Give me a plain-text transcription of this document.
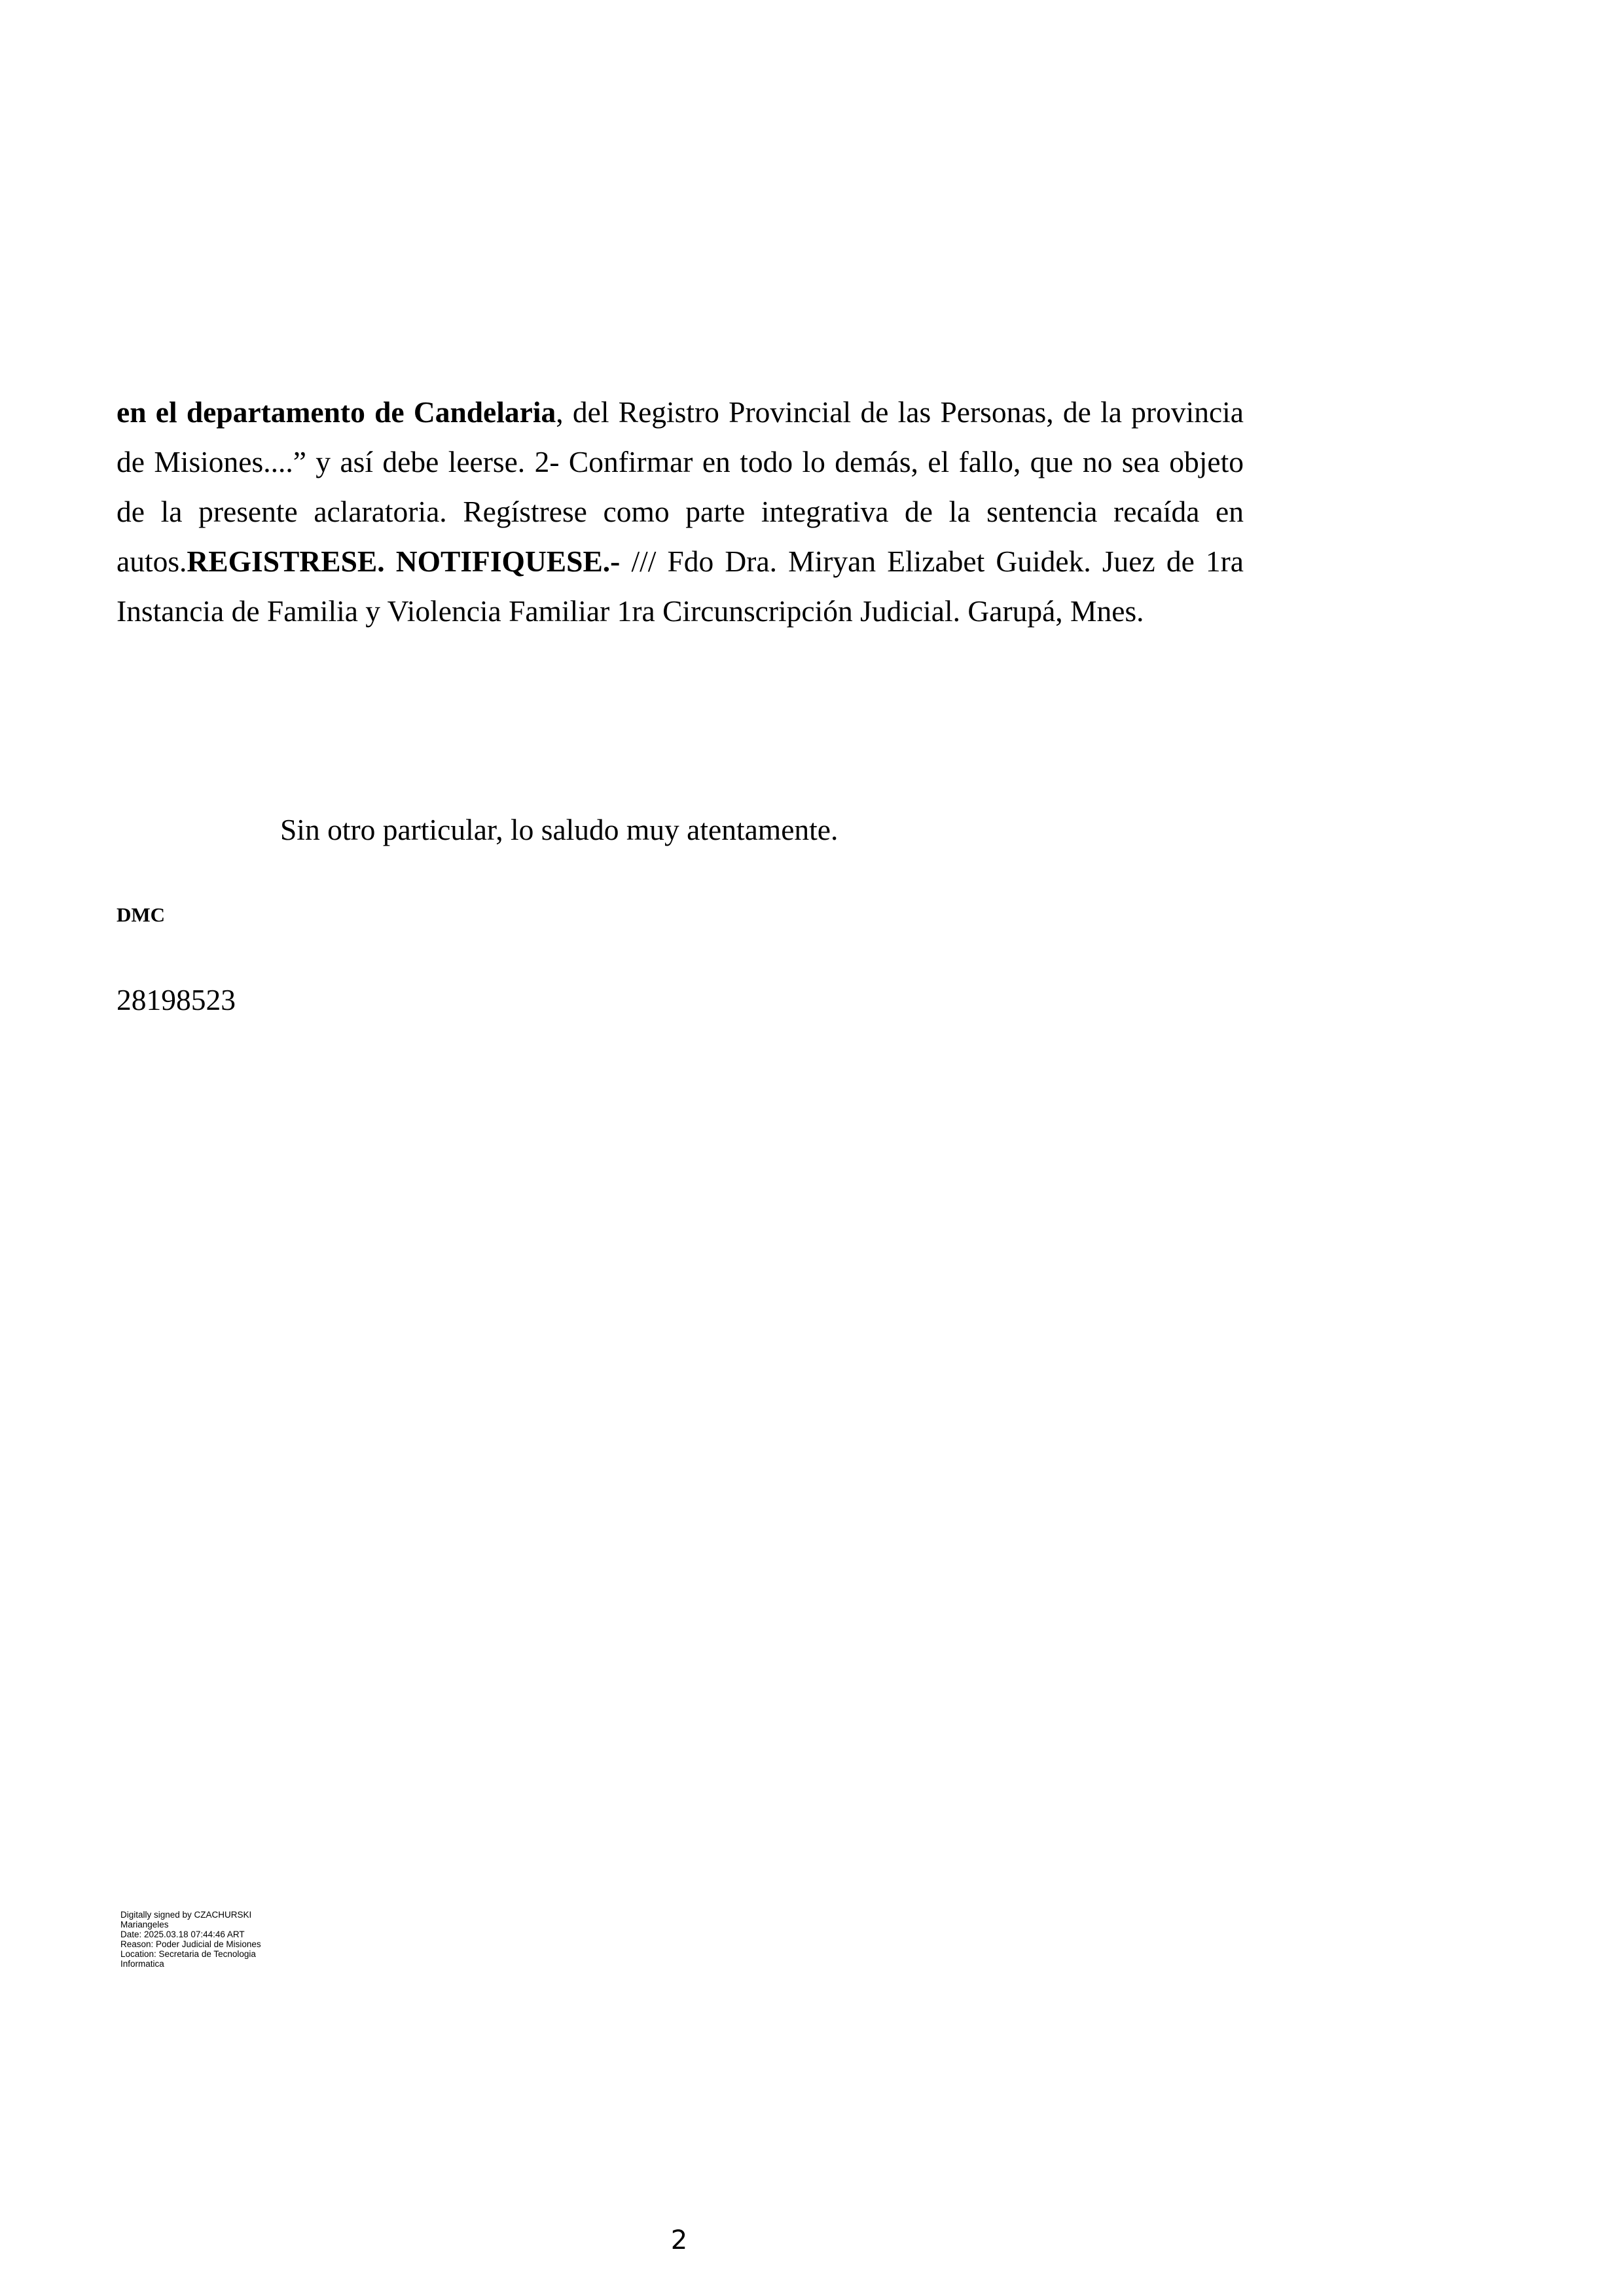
en el departamento de Candelaria, del Registro Provincial de las Personas, de la provincia de Misiones....” y así debe leerse. 2- Confirmar en todo lo demás, el fallo, que no sea objeto de la presente aclaratoria. Regístrese como parte integrativa de la sentencia recaída en autos.REGISTRESE. NOTIFIQUESE.- /// Fdo Dra. Miryan Elizabet Guidek. Juez de 1ra Instancia de Familia y Violencia Familiar 1ra Circunscripción Judicial. Garupá, Mnes.

Sin otro particular, lo saludo muy atentamente.

DMC

28198523

Digitally signed by CZACHURSKI
Mariangeles
Date: 2025.03.18 07:44:46 ART
Reason: Poder Judicial de Misiones
Location: Secretaria de Tecnologia
Informatica
2
